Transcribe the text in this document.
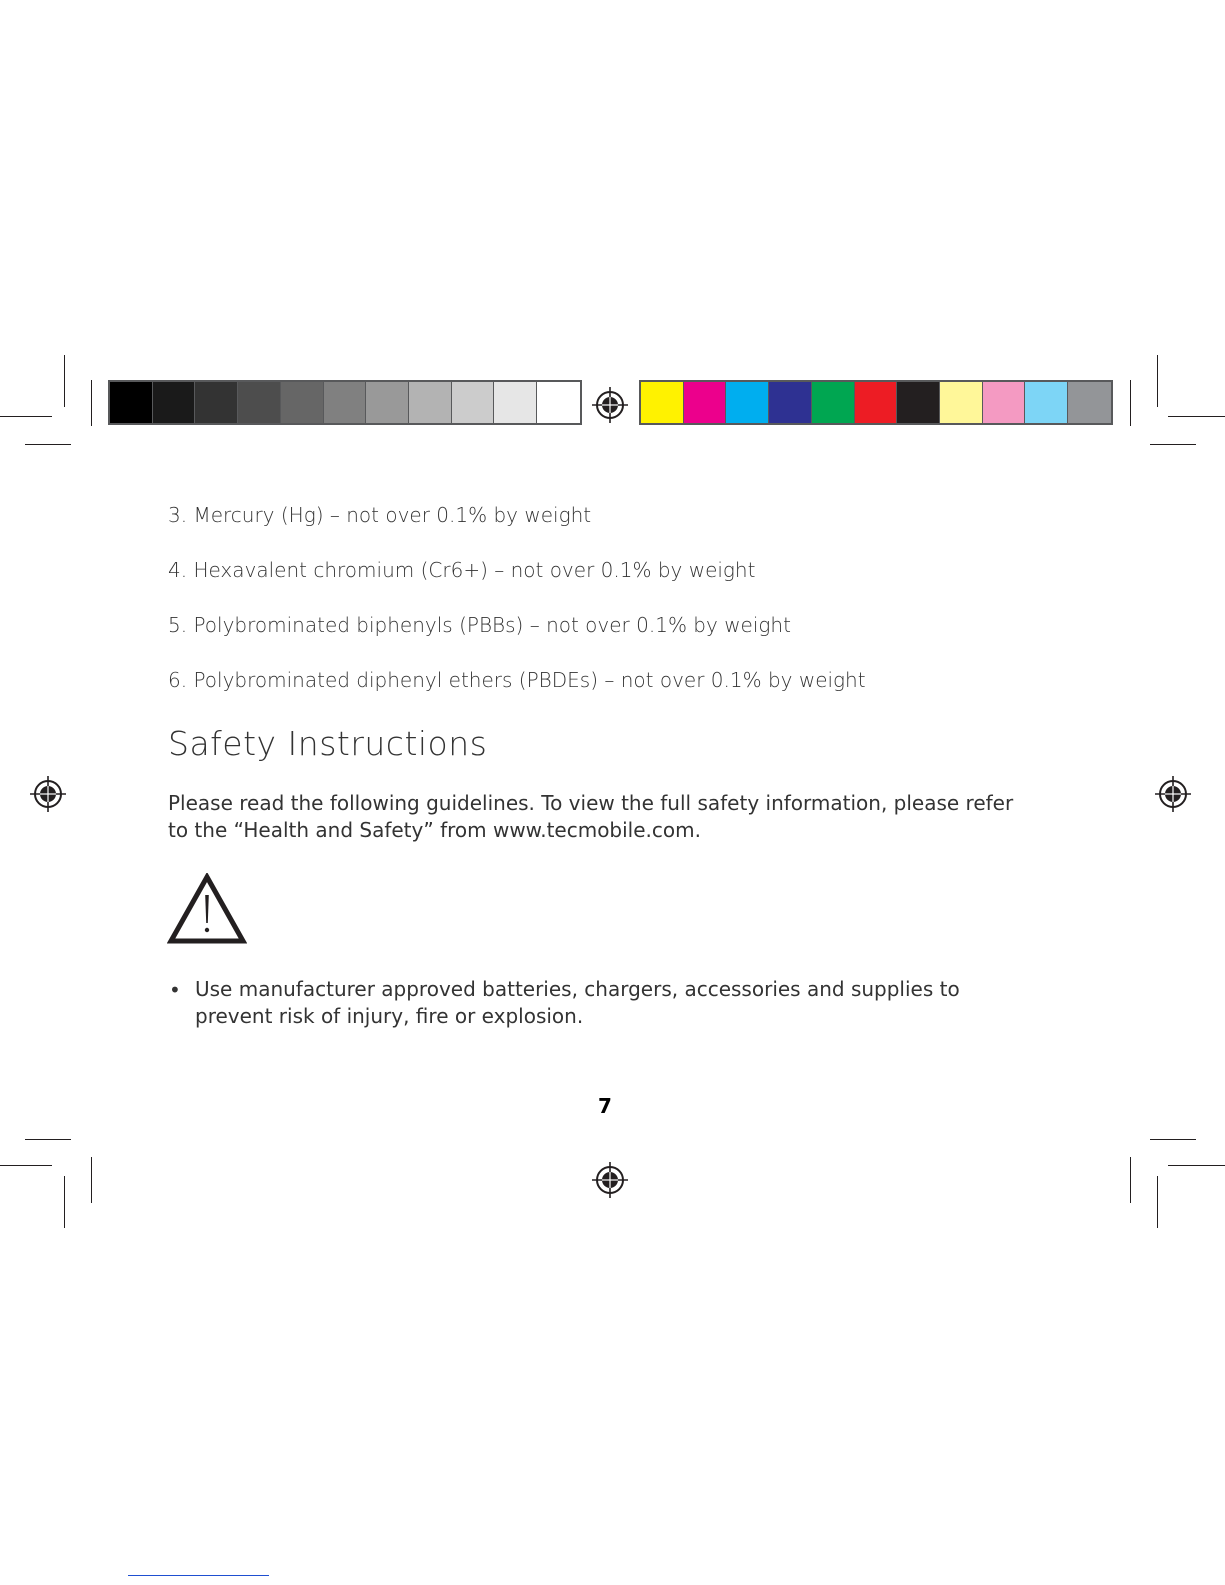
3. Mercury (Hg) – not over 0.1% by weight
4. Hexavalent chromium (Cr6+) – not over 0.1% by weight
5. Polybrominated biphenyls (PBBs) – not over 0.1% by weight
6. Polybrominated diphenyl ethers (PBDEs) – not over 0.1% by weight
Safety Instructions
Please read the following guidelines. To view the full safety information, please refer
to the “Health and Safety” from www.tecmobile.com.
• Use manufacturer approved batteries, chargers, accessories and supplies to
prevent risk of injury, fire or explosion.
7
